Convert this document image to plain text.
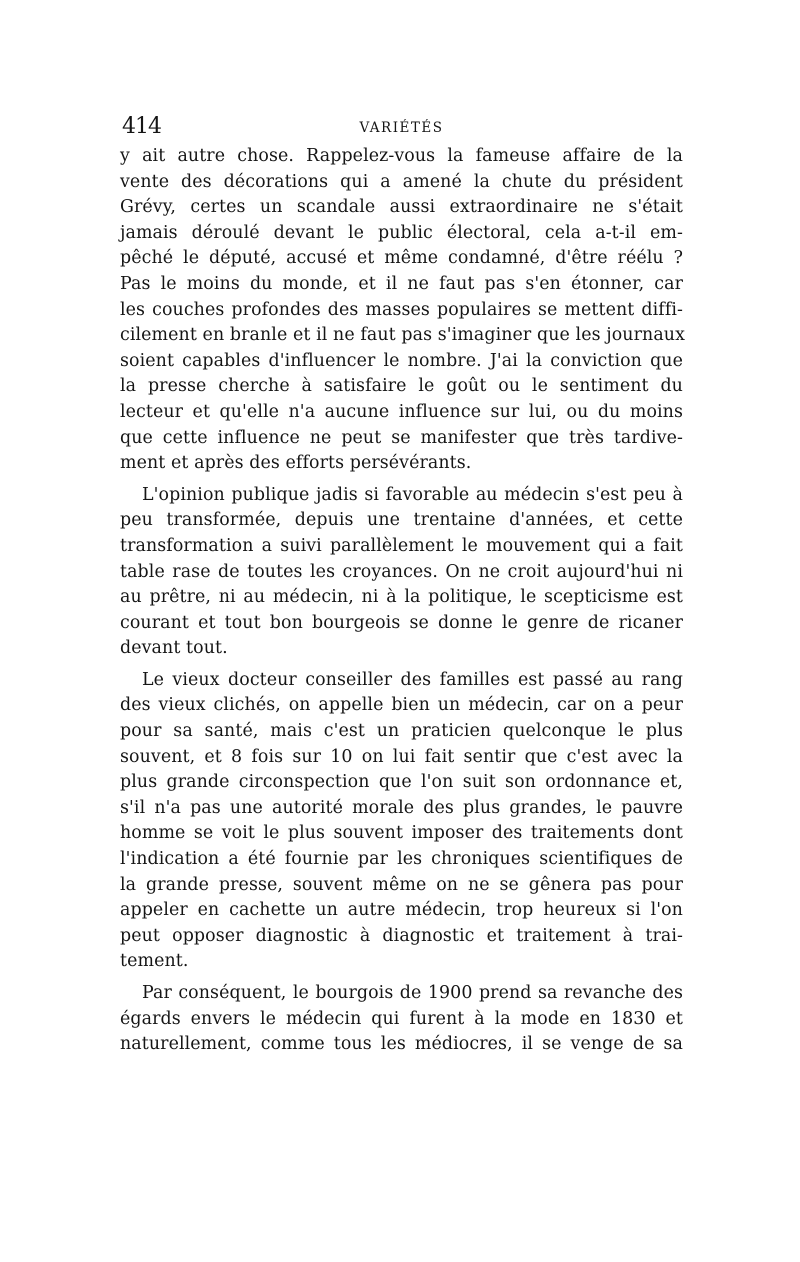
414	VARIÉTÉS
y ait autre chose. Rappelez-vous la fameuse affaire de la
vente des décorations qui a amené la chute du président
Grévy, certes un scandale aussi extraordinaire ne s'était
jamais déroulé devant le public électoral, cela a-t-il em-
pêché le député, accusé et même condamné, d'être réélu ?
Pas le moins du monde, et il ne faut pas s'en étonner, car
les couches profondes des masses populaires se mettent diffi-
cilement en branle et il ne faut pas s'imaginer que les journaux
soient capables d'influencer le nombre. J'ai la conviction que
la presse cherche à satisfaire le goût ou le sentiment du
lecteur et qu'elle n'a aucune influence sur lui, ou du moins
que cette influence ne peut se manifester que très tardive-
ment et après des efforts persévérants.
L'opinion publique jadis si favorable au médecin s'est peu à
peu transformée, depuis une trentaine d'années, et cette
transformation a suivi parallèlement le mouvement qui a fait
table rase de toutes les croyances. On ne croit aujourd'hui ni
au prêtre, ni au médecin, ni à la politique, le scepticisme est
courant et tout bon bourgeois se donne le genre de ricaner
devant tout.
Le vieux docteur conseiller des familles est passé au rang
des vieux clichés, on appelle bien un médecin, car on a peur
pour sa santé, mais c'est un praticien quelconque le plus
souvent, et 8 fois sur 10 on lui fait sentir que c'est avec la
plus grande circonspection que l'on suit son ordonnance et,
s'il n'a pas une autorité morale des plus grandes, le pauvre
homme se voit le plus souvent imposer des traitements dont
l'indication a été fournie par les chroniques scientifiques de
la grande presse, souvent même on ne se gênera pas pour
appeler en cachette un autre médecin, trop heureux si l'on
peut opposer diagnostic à diagnostic et traitement à trai-
tement.
Par conséquent, le bourgois de 1900 prend sa revanche des
égards envers le médecin qui furent à la mode en 1830 et
naturellement, comme tous les médiocres, il se venge de sa
